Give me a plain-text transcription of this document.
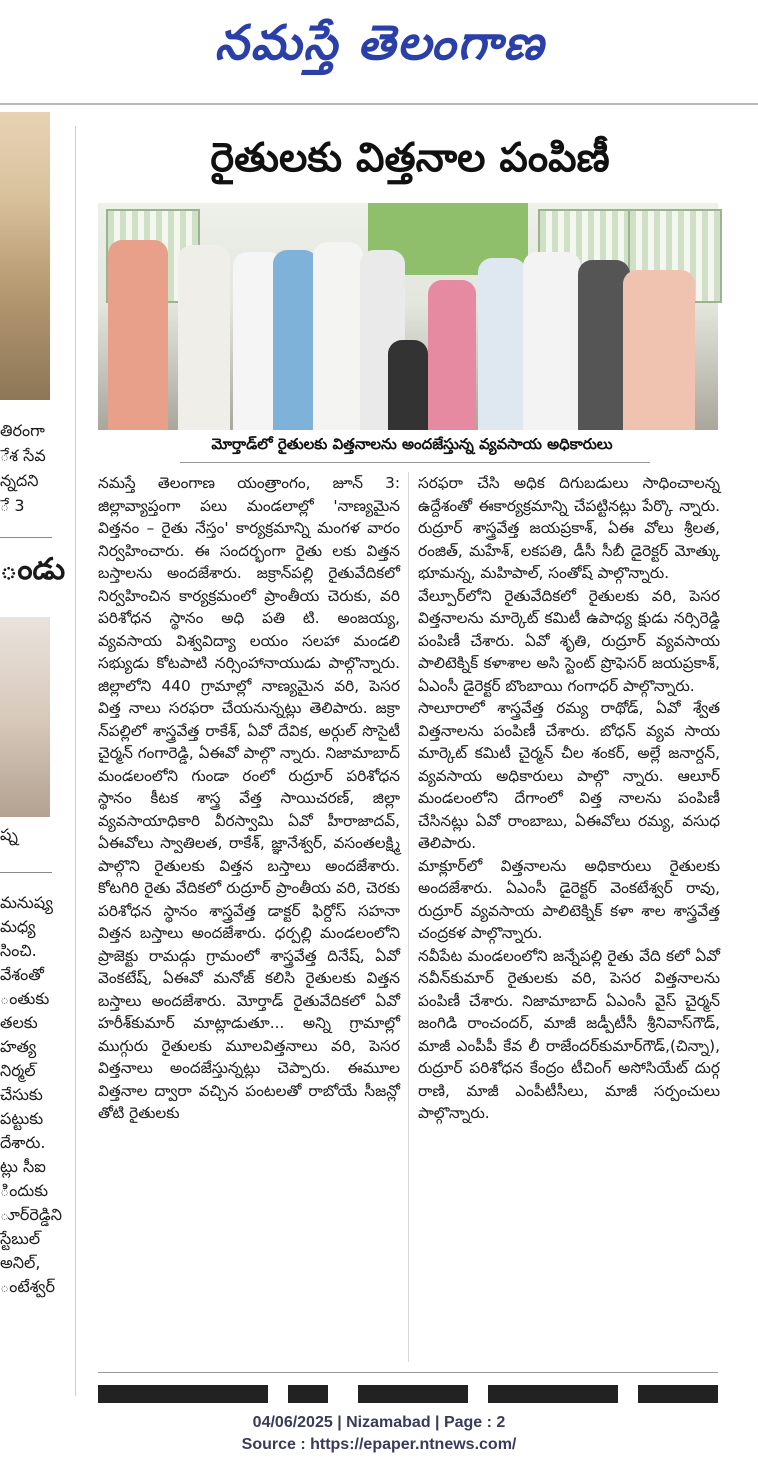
నమస్తే తెలంగాణ
తిరంగా
ేశ సేవ
న్నదని
ే 3
ండు
ష్న
మనుష్య
మధ్య
సించి.
వేశంతో
ంతుకు
తలకు
హత్య
నిర్మల్
చేసుకు
పట్టుకు
దేశారు.
ట్లు సీఐ
ిందుకు
ూర్‌రెడ్డిని
స్టేబుల్
అనిల్,
ంటేశ్వర్
రైతులకు విత్తనాల పంపిణీ
మోర్తాడ్‌లో రైతులకు విత్తనాలను అందజేస్తున్న వ్యవసాయ అధికారులు

నమస్తే తెలంగాణ యంత్రాంగం, జూన్ 3: జిల్లావ్యాప్తంగా పలు మండలాల్లో 'నాణ్యమైన విత్తనం – రైతు నేస్తం' కార్యక్రమాన్ని మంగళ వారం నిర్వహించారు. ఈ సందర్భంగా రైతు లకు విత్తన బస్తాలను అందజేశారు. జక్రాన్‌పల్లి రైతువేదికలో నిర్వహించిన కార్యక్రమంలో ప్రాంతీయ చెరుకు, వరి పరిశోధన స్థానం అధి పతి టి. అంజయ్య, వ్యవసాయ విశ్వవిద్యా లయం సలహా మండలి సభ్యుడు కోటపాటి నర్సింహానాయుడు పాల్గొన్నారు. జిల్లాలోని 440 గ్రామాల్లో నాణ్యమైన వరి, పెసర విత్త నాలు సరఫరా చేయనున్నట్లు తెలిపారు. జక్రా న్‌పల్లిలో శాస్త్రవేత్త రాకేశ్, ఏవో దేవిక, అర్గుల్ సొసైటీ చైర్మన్ గంగారెడ్డి, ఏఈవో పాల్గొ న్నారు. నిజామాబాద్ మండలంలోని గుండా రంలో రుద్రూర్ పరిశోధన స్థానం కీటక శాస్త్ర వేత్త సాయిచరణ్, జిల్లా వ్యవసాయాధికారి వీరస్వామి ఏవో హీరాజాదవ్, ఏఈవోలు స్వాతిలత, రాకేశ్, జ్ఞానేశ్వర్, వసంతలక్ష్మి పాల్గొని రైతులకు విత్తన బస్తాలు అందజేశారు. కోటగిరి రైతు వేదికలో రుద్రూర్ ప్రాంతీయ వరి, చెరకు పరిశోధన స్థానం శాస్త్రవేత్త డాక్టర్ ఫిర్దోస్ సహనా విత్తన బస్తాలు అందజేశారు. ధర్పల్లి మండలంలోని ప్రాజెక్టు రామడ్గు గ్రామంలో శాస్త్రవేత్త దినేష్, ఏవో వెంకటేష్, ఏఈవో మనోజ్ కలిసి రైతులకు విత్తన బస్తాలు అందజేశారు. మోర్తాడ్ రైతువేదికలో ఏవో హరీశ్‌కుమార్ మాట్లాడుతూ... అన్ని గ్రామాల్లో ముగ్గురు రైతులకు మూలవిత్తనాలు వరి, పెసర విత్తనాలు అందజేస్తున్నట్లు చెప్పారు. ఈమూల విత్తనాల ద్వారా వచ్చిన పంటలతో రాబోయే సీజన్లో తోటి రైతులకు

సరఫరా చేసి అధిక దిగుబడులు సాధించాలన్న ఉద్దేశంతో ఈకార్యక్రమాన్ని చేపట్టినట్లు పేర్కొ న్నారు. రుద్రూర్ శాస్త్రవేత్త జయప్రకాశ్, ఏఈ వోలు శ్రీలత, రంజిత్, మహేశ్, లకపతి, డీసీ సీబీ డైరెక్టర్ మోత్కు భూమన్న, మహిపాల్, సంతోష్ పాల్గొన్నారు.

వేల్పూర్‌లోని రైతువేదికలో రైతులకు వరి, పెసర విత్తనాలను మార్కెట్ కమిటీ ఉపాధ్య క్షుడు నర్సిరెడ్డి పంపిణీ చేశారు. ఏవో శృతి, రుద్రూర్ వ్యవసాయ పాలిటెక్నిక్ కళాశాల అసి స్టెంట్ ప్రొఫెసర్ జయప్రకాశ్, ఏఎంసీ డైరెక్టర్ బొంబాయి గంగాధర్ పాల్గొన్నారు.

సాలూరాలో శాస్త్రవేత్త రమ్య రాథోడ్, ఏవో శ్వేత విత్తనాలను పంపిణీ చేశారు. బోధన్ వ్యవ సాయ మార్కెట్ కమిటీ చైర్మన్ చీల శంకర్, అల్లే జనార్దన్, వ్యవసాయ అధికారులు పాల్గొ న్నారు. ఆలూర్ మండలంలోని దేగాంలో విత్త నాలను పంపిణీ చేసినట్లు ఏవో రాంబాబు, ఏఈవోలు రమ్య, వసుధ తెలిపారు.

మాక్లూర్‌లో విత్తనాలను అధికారులు రైతులకు అందజేశారు. ఏఎంసీ డైరెక్టర్ వెంకటేశ్వర్ రావు, రుద్రూర్ వ్యవసాయ పాలిటెక్నిక్ కళా శాల శాస్త్రవేత్త చంద్రకళ పాల్గొన్నారు.

నవీపేట మండలంలోని జన్నేపల్లి రైతు వేది కలో ఏవో నవీన్‌కుమార్ రైతులకు వరి, పెసర విత్తనాలను పంపిణీ చేశారు. నిజామాబాద్ ఏఎంసీ వైస్ చైర్మన్ జంగిడి రాంచందర్, మాజీ జడ్పీటీసీ శ్రీనివాస్‌గౌడ్, మాజీ ఎంపీపీ కేవ లీ రాజేందర్‌కుమార్‌గౌడ్,(చిన్నా), రుద్రూర్ పరిశోధన కేంద్రం టీచింగ్ అసోసియేట్ దుర్గ రాణి, మాజీ ఎంపీటీసీలు, మాజీ సర్పంచులు పాల్గొన్నారు.

04/06/2025 | Nizamabad | Page : 2
Source : https://epaper.ntnews.com/
